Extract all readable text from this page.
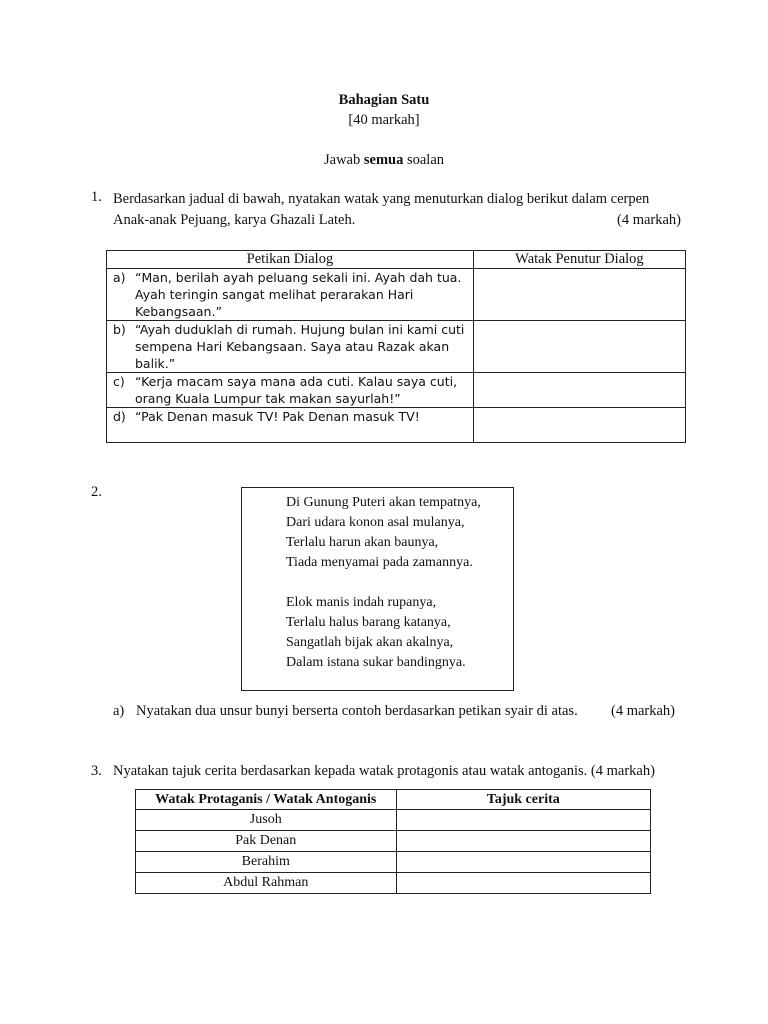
Bahagian Satu
[40 markah]
Jawab semua soalan
1. Berdasarkan jadual di bawah, nyatakan watak yang menuturkan dialog berikut dalam cerpen
Anak-anak Pejuang, karya Ghazali Lateh.	(4 markah)
Petikan Dialog	Watak Penutur Dialog
a) “Man, berilah ayah peluang sekali ini. Ayah dah tua. Ayah teringin sangat melihat perarakan Hari Kebangsaan.”	
b) “Ayah duduklah di rumah. Hujung bulan ini kami cuti sempena Hari Kebangsaan. Saya atau Razak akan balik.”	
c) “Kerja macam saya mana ada cuti. Kalau saya cuti, orang Kuala Lumpur tak makan sayurlah!”	
d) “Pak Denan masuk TV! Pak Denan masuk TV!	
2.
Di Gunung Puteri akan tempatnya,
Dari udara konon asal mulanya,
Terlalu harun akan baunya,
Tiada menyamai pada zamannya.
Elok manis indah rupanya,
Terlalu halus barang katanya,
Sangatlah bijak akan akalnya,
Dalam istana sukar bandingnya.
a) Nyatakan dua unsur bunyi berserta contoh berdasarkan petikan syair di atas. (4 markah)
3. Nyatakan tajuk cerita berdasarkan kepada watak protagonis atau watak antoganis. (4 markah)
Watak Protaganis / Watak Antoganis	Tajuk cerita
Jusoh	
Pak Denan	
Berahim	
Abdul Rahman	
